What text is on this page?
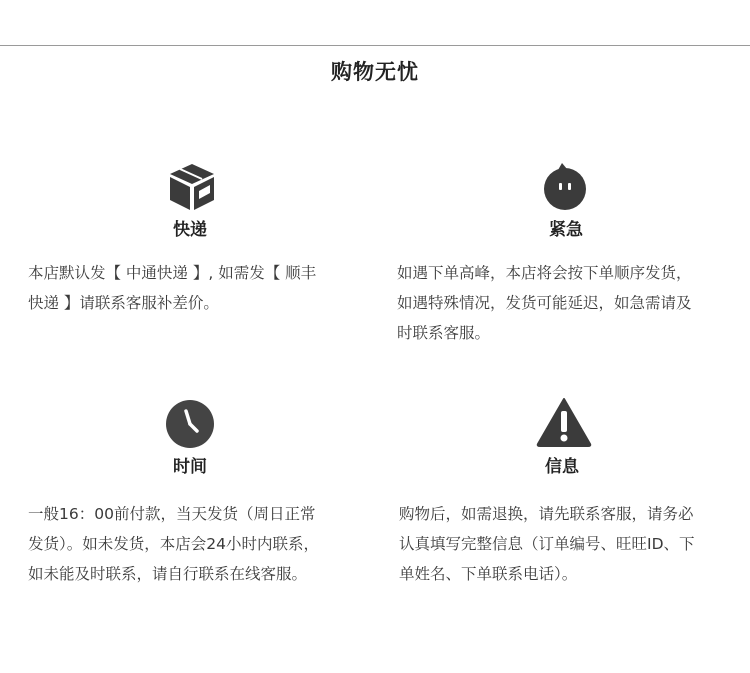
购物无忧
快递
本店默认发【 中通快递 】, 如需发【 顺丰
快递 】请联系客服补差价。
紧急
如遇下单高峰，本店将会按下单顺序发货，
如遇特殊情况，发货可能延迟，如急需请及
时联系客服。
时间
一般16：00前付款，当天发货（周日正常
发货）。如未发货，本店会24小时内联系，
如未能及时联系，请自行联系在线客服。
信息
购物后，如需退换，请先联系客服，请务必
认真填写完整信息（订单编号、旺旺ID、下
单姓名、下单联系电话）。
